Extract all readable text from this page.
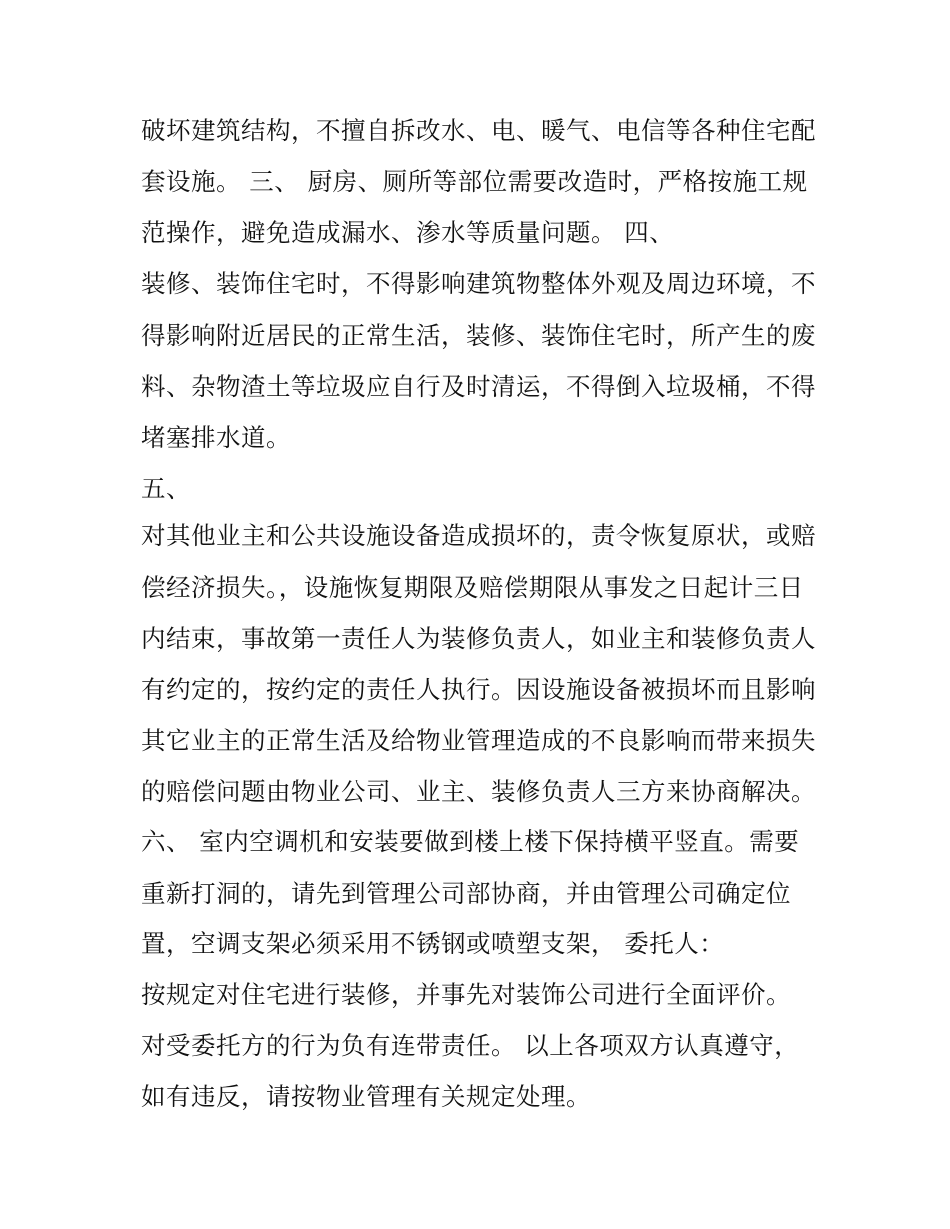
破坏建筑结构，不擅自拆改水、电、暖气、电信等各种住宅配
套设施。 三、 厨房、厕所等部位需要改造时，严格按施工规
范操作，避免造成漏水、渗水等质量问题。 四、
装修、装饰住宅时，不得影响建筑物整体外观及周边环境，不
得影响附近居民的正常生活，装修、装饰住宅时，所产生的废
料、杂物渣土等垃圾应自行及时清运，不得倒入垃圾桶，不得
堵塞排水道。
五、
对其他业主和公共设施设备造成损坏的，责令恢复原状，或赔
偿经济损失。，设施恢复期限及赔偿期限从事发之日起计三日
内结束，事故第一责任人为装修负责人，如业主和装修负责人
有约定的，按约定的责任人执行。因设施设备被损坏而且影响
其它业主的正常生活及给物业管理造成的不良影响而带来损失
的赔偿问题由物业公司、业主、装修负责人三方来协商解决。
六、 室内空调机和安装要做到楼上楼下保持横平竖直。需要
重新打洞的，请先到管理公司部协商，并由管理公司确定位
置，空调支架必须采用不锈钢或喷塑支架， 委托人：
按规定对住宅进行装修，并事先对装饰公司进行全面评价。
对受委托方的行为负有连带责任。 以上各项双方认真遵守，
如有违反，请按物业管理有关规定处理。
